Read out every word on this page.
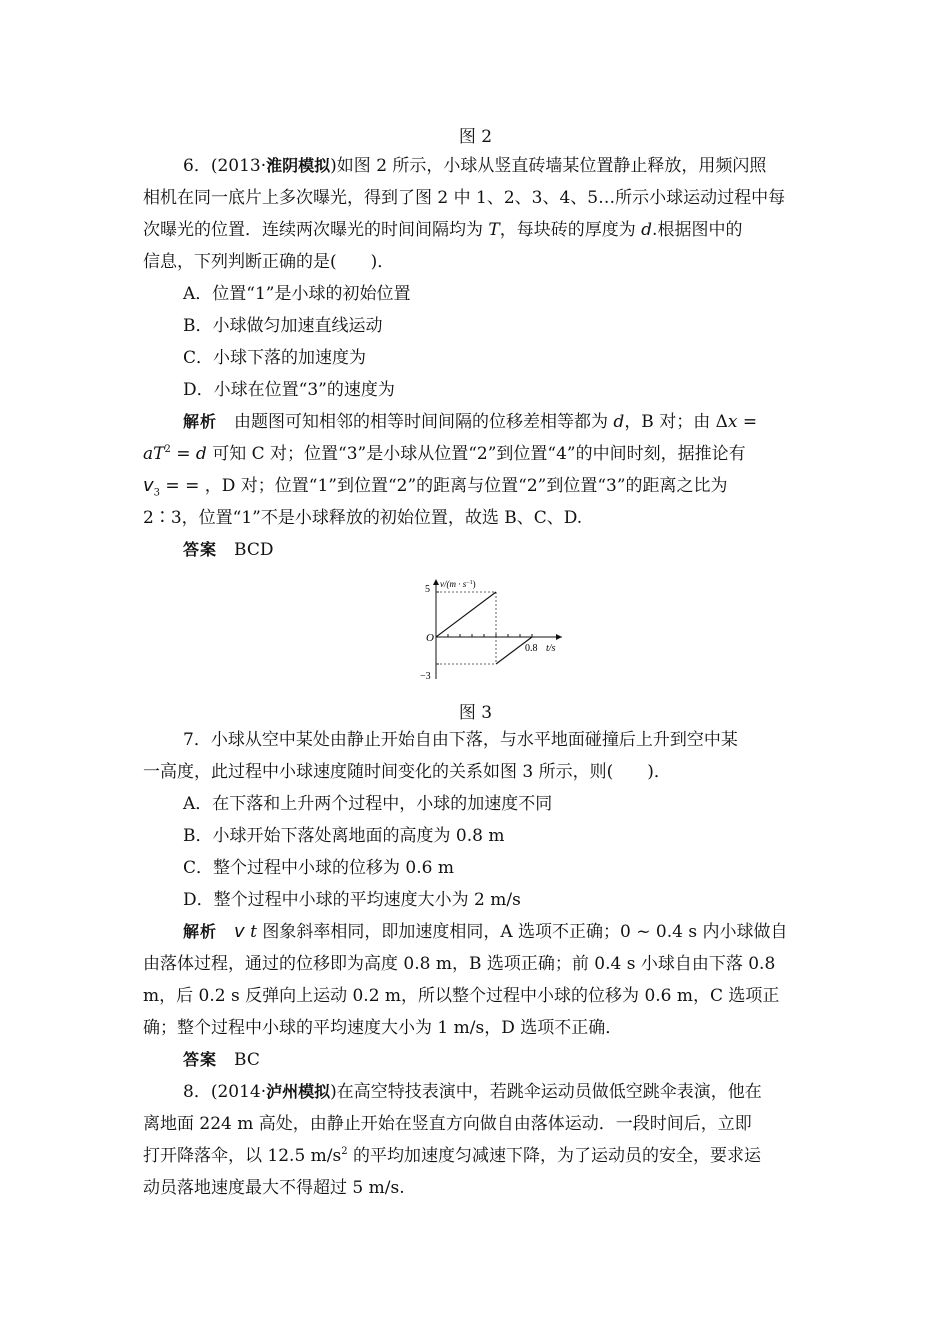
图 2
6．(2013·淮阴模拟)如图 2 所示，小球从竖直砖墙某位置静止释放，用频闪照
相机在同一底片上多次曝光，得到了图 2 中 1、2、3、4、5…所示小球运动过程中每
次曝光的位置．连续两次曝光的时间间隔均为 T，每块砖的厚度为 d.根据图中的
信息，下列判断正确的是(　　)．
A．位置“1”是小球的初始位置
B．小球做匀加速直线运动
C．小球下落的加速度为
D．小球在位置“3”的速度为
解析　由题图可知相邻的相等时间间隔的位移差相等都为 d，B 对；由 Δx =
$aT^2 = d$ 可知 C 对；位置“3”是小球从位置“2”到位置“4”的中间时刻，据推论有
$v_3$ = = ，D 对；位置“1”到位置“2”的距离与位置“2”到位置“3”的距离之比为
2∶3，位置“1”不是小球释放的初始位置，故选 B、C、D.
答案　BCD
5
−3
O
0.8 t/s
$v/(m \cdot s^{-1})$
图 3
7．小球从空中某处由静止开始自由下落，与水平地面碰撞后上升到空中某
一高度，此过程中小球速度随时间变化的关系如图 3 所示，则(　　)．
A．在下落和上升两个过程中，小球的加速度不同
B．小球开始下落处离地面的高度为 0.8 m
C．整个过程中小球的位移为 0.6 m
D．整个过程中小球的平均速度大小为 2 m/s
解析　 v t 图象斜率相同，即加速度相同，A 选项不正确；0 ~ 0.4 s 内小球做自
由落体过程，通过的位移即为高度 0.8 m，B 选项正确；前 0.4 s 小球自由下落 0.8
m，后 0.2 s 反弹向上运动 0.2 m，所以整个过程中小球的位移为 0.6 m，C 选项正
确；整个过程中小球的平均速度大小为 1 m/s，D 选项不正确．
答案　BC
8．(2014·泸州模拟)在高空特技表演中，若跳伞运动员做低空跳伞表演，他在
离地面 224 m 高处，由静止开始在竖直方向做自由落体运动．一段时间后，立即
打开降落伞，以 12.5 $m/s^2$ 的平均加速度匀减速下降，为了运动员的安全，要求运
动员落地速度最大不得超过 5 m/s.
